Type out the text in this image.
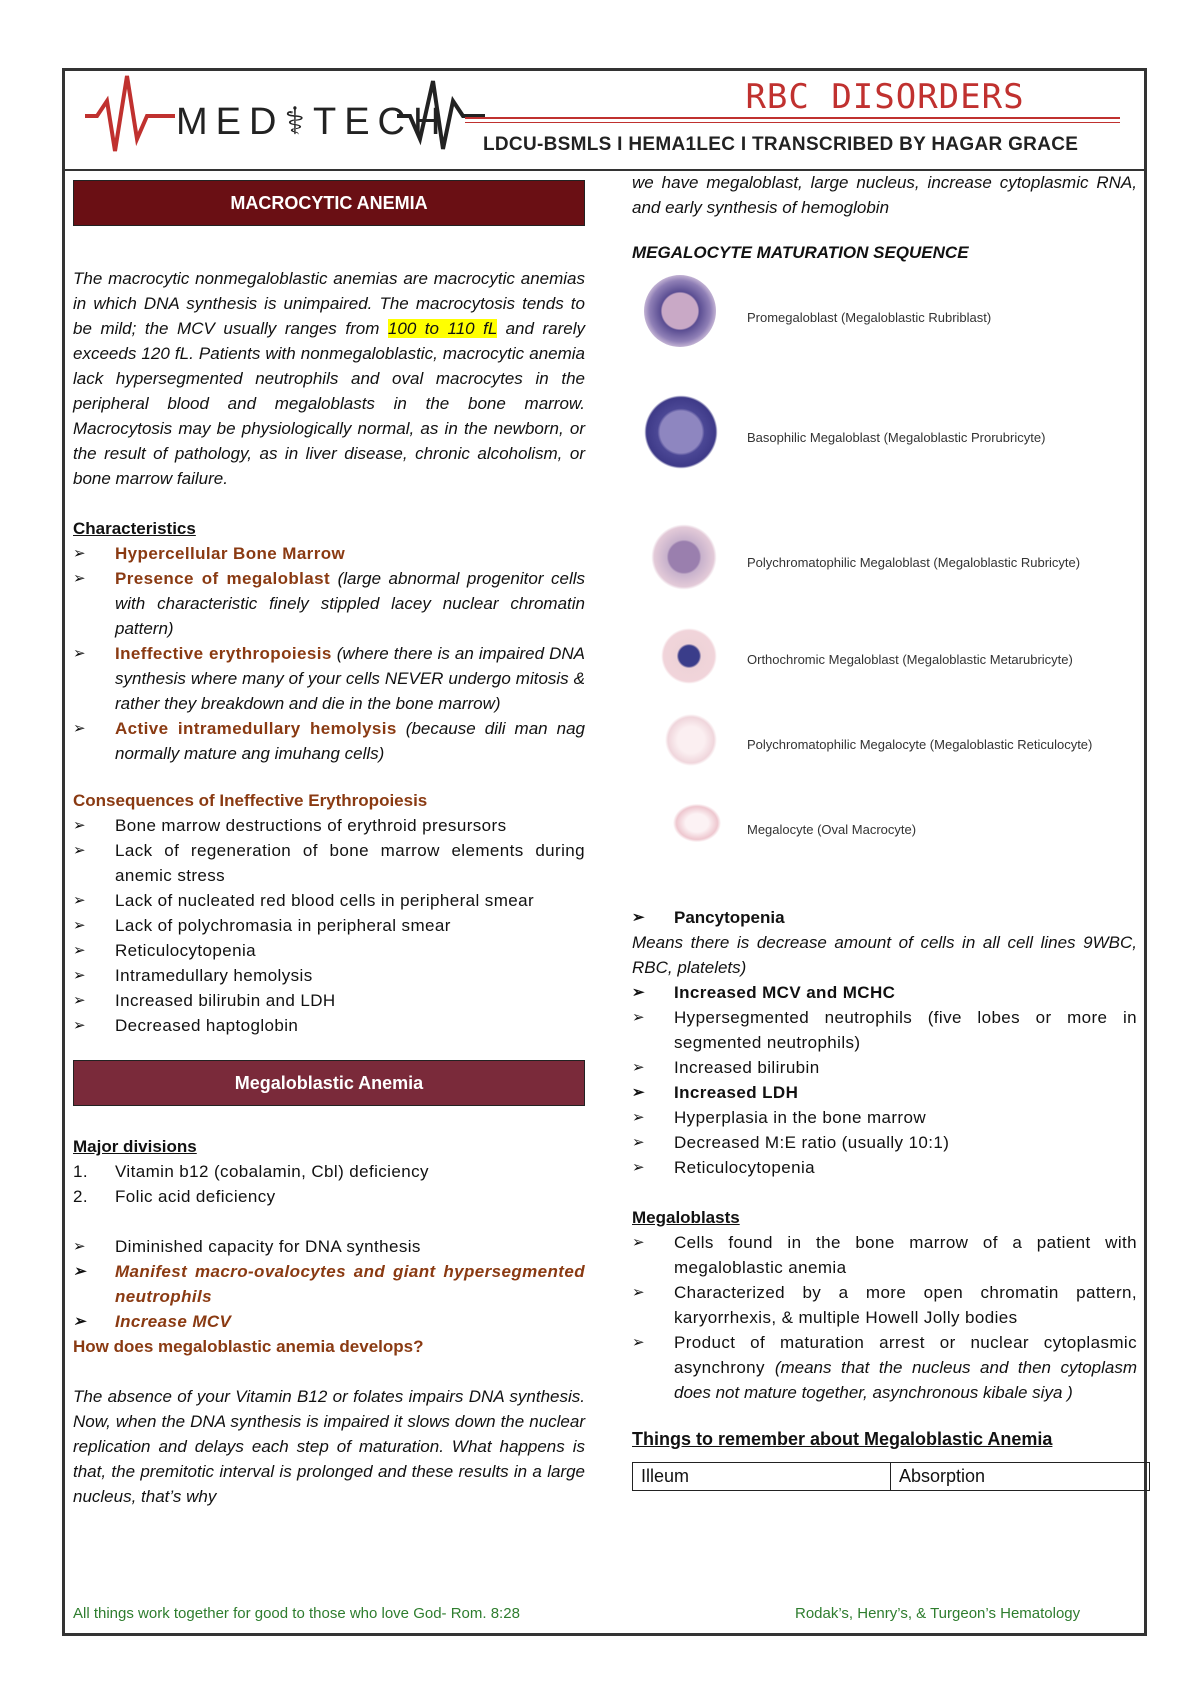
MED⚕TECH
RBC DISORDERS
LDCU-BSMLS I HEMA1LEC I TRANSCRIBED BY HAGAR GRACE
MACROCYTIC ANEMIA

The macrocytic nonmegaloblastic anemias are macrocytic anemias in which DNA synthesis is unimpaired. The macrocytosis tends to be mild; the MCV usually ranges from 100 to 110 fL and rarely exceeds 120 fL. Patients with nonmegaloblastic, macrocytic anemia lack hypersegmented neutrophils and oval macrocytes in the peripheral blood and megaloblasts in the bone marrow. Macrocytosis may be physiologically normal, as in the newborn, or the result of pathology, as in liver disease, chronic alcoholism, or bone marrow failure.

Characteristics
➢ Hypercellular Bone Marrow
➢ Presence of megaloblast (large abnormal progenitor cells with characteristic finely stippled lacey nuclear chromatin pattern)
➢ Ineffective erythropoiesis (where there is an impaired DNA synthesis where many of your cells NEVER undergo mitosis & rather they breakdown and die in the bone marrow)
➢ Active intramedullary hemolysis (because dili man nag normally mature ang imuhang cells)
Consequences of Ineffective Erythropoiesis
➢ Bone marrow destructions of erythroid presursors
➢ Lack of regeneration of bone marrow elements during anemic stress
➢ Lack of nucleated red blood cells in peripheral smear
➢ Lack of polychromasia in peripheral smear
➢ Reticulocytopenia
➢ Intramedullary hemolysis
➢ Increased bilirubin and LDH
➢ Decreased haptoglobin
Megaloblastic Anemia
Major divisions
1. Vitamin b12 (cobalamin, Cbl) deficiency
2. Folic acid deficiency
➢ Diminished capacity for DNA synthesis
➢ Manifest macro-ovalocytes and giant hypersegmented neutrophils
➢ Increase MCV
How does megaloblastic anemia develops?

The absence of your Vitamin B12 or folates impairs DNA synthesis. Now, when the DNA synthesis is impaired it slows down the nuclear replication and delays each step of maturation. What happens is that, the premitotic interval is prolonged and these results in a large nucleus, that’s why

we have megaloblast, large nucleus, increase cytoplasmic RNA, and early synthesis of hemoglobin

MEGALOCYTE MATURATION SEQUENCE
Promegaloblast (Megaloblastic Rubriblast)
Basophilic Megaloblast (Megaloblastic Prorubricyte)
Polychromatophilic Megaloblast (Megaloblastic Rubricyte)
Orthochromic Megaloblast (Megaloblastic Metarubricyte)
Polychromatophilic Megalocyte (Megaloblastic Reticulocyte)
Megalocyte (Oval Macrocyte)
➢ Pancytopenia

Means there is decrease amount of cells in all cell lines 9WBC, RBC, platelets)

➢ Increased MCV and MCHC
➢ Hypersegmented neutrophils (five lobes or more in segmented neutrophils)
➢ Increased bilirubin
➢ Increased LDH
➢ Hyperplasia in the bone marrow
➢ Decreased M:E ratio (usually 10:1)
➢ Reticulocytopenia
Megaloblasts
➢ Cells found in the bone marrow of a patient with megaloblastic anemia
➢ Characterized by a more open chromatin pattern, karyorrhexis, & multiple Howell Jolly bodies
➢ Product of maturation arrest or nuclear cytoplasmic asynchrony (means that the nucleus and then cytoplasm does not mature together, asynchronous kibale siya )
Things to remember about Megaloblastic Anemia
Illeum	Absorption
All things work together for good to those who love God- Rom. 8:28	Rodak’s, Henry’s, & Turgeon’s Hematology
